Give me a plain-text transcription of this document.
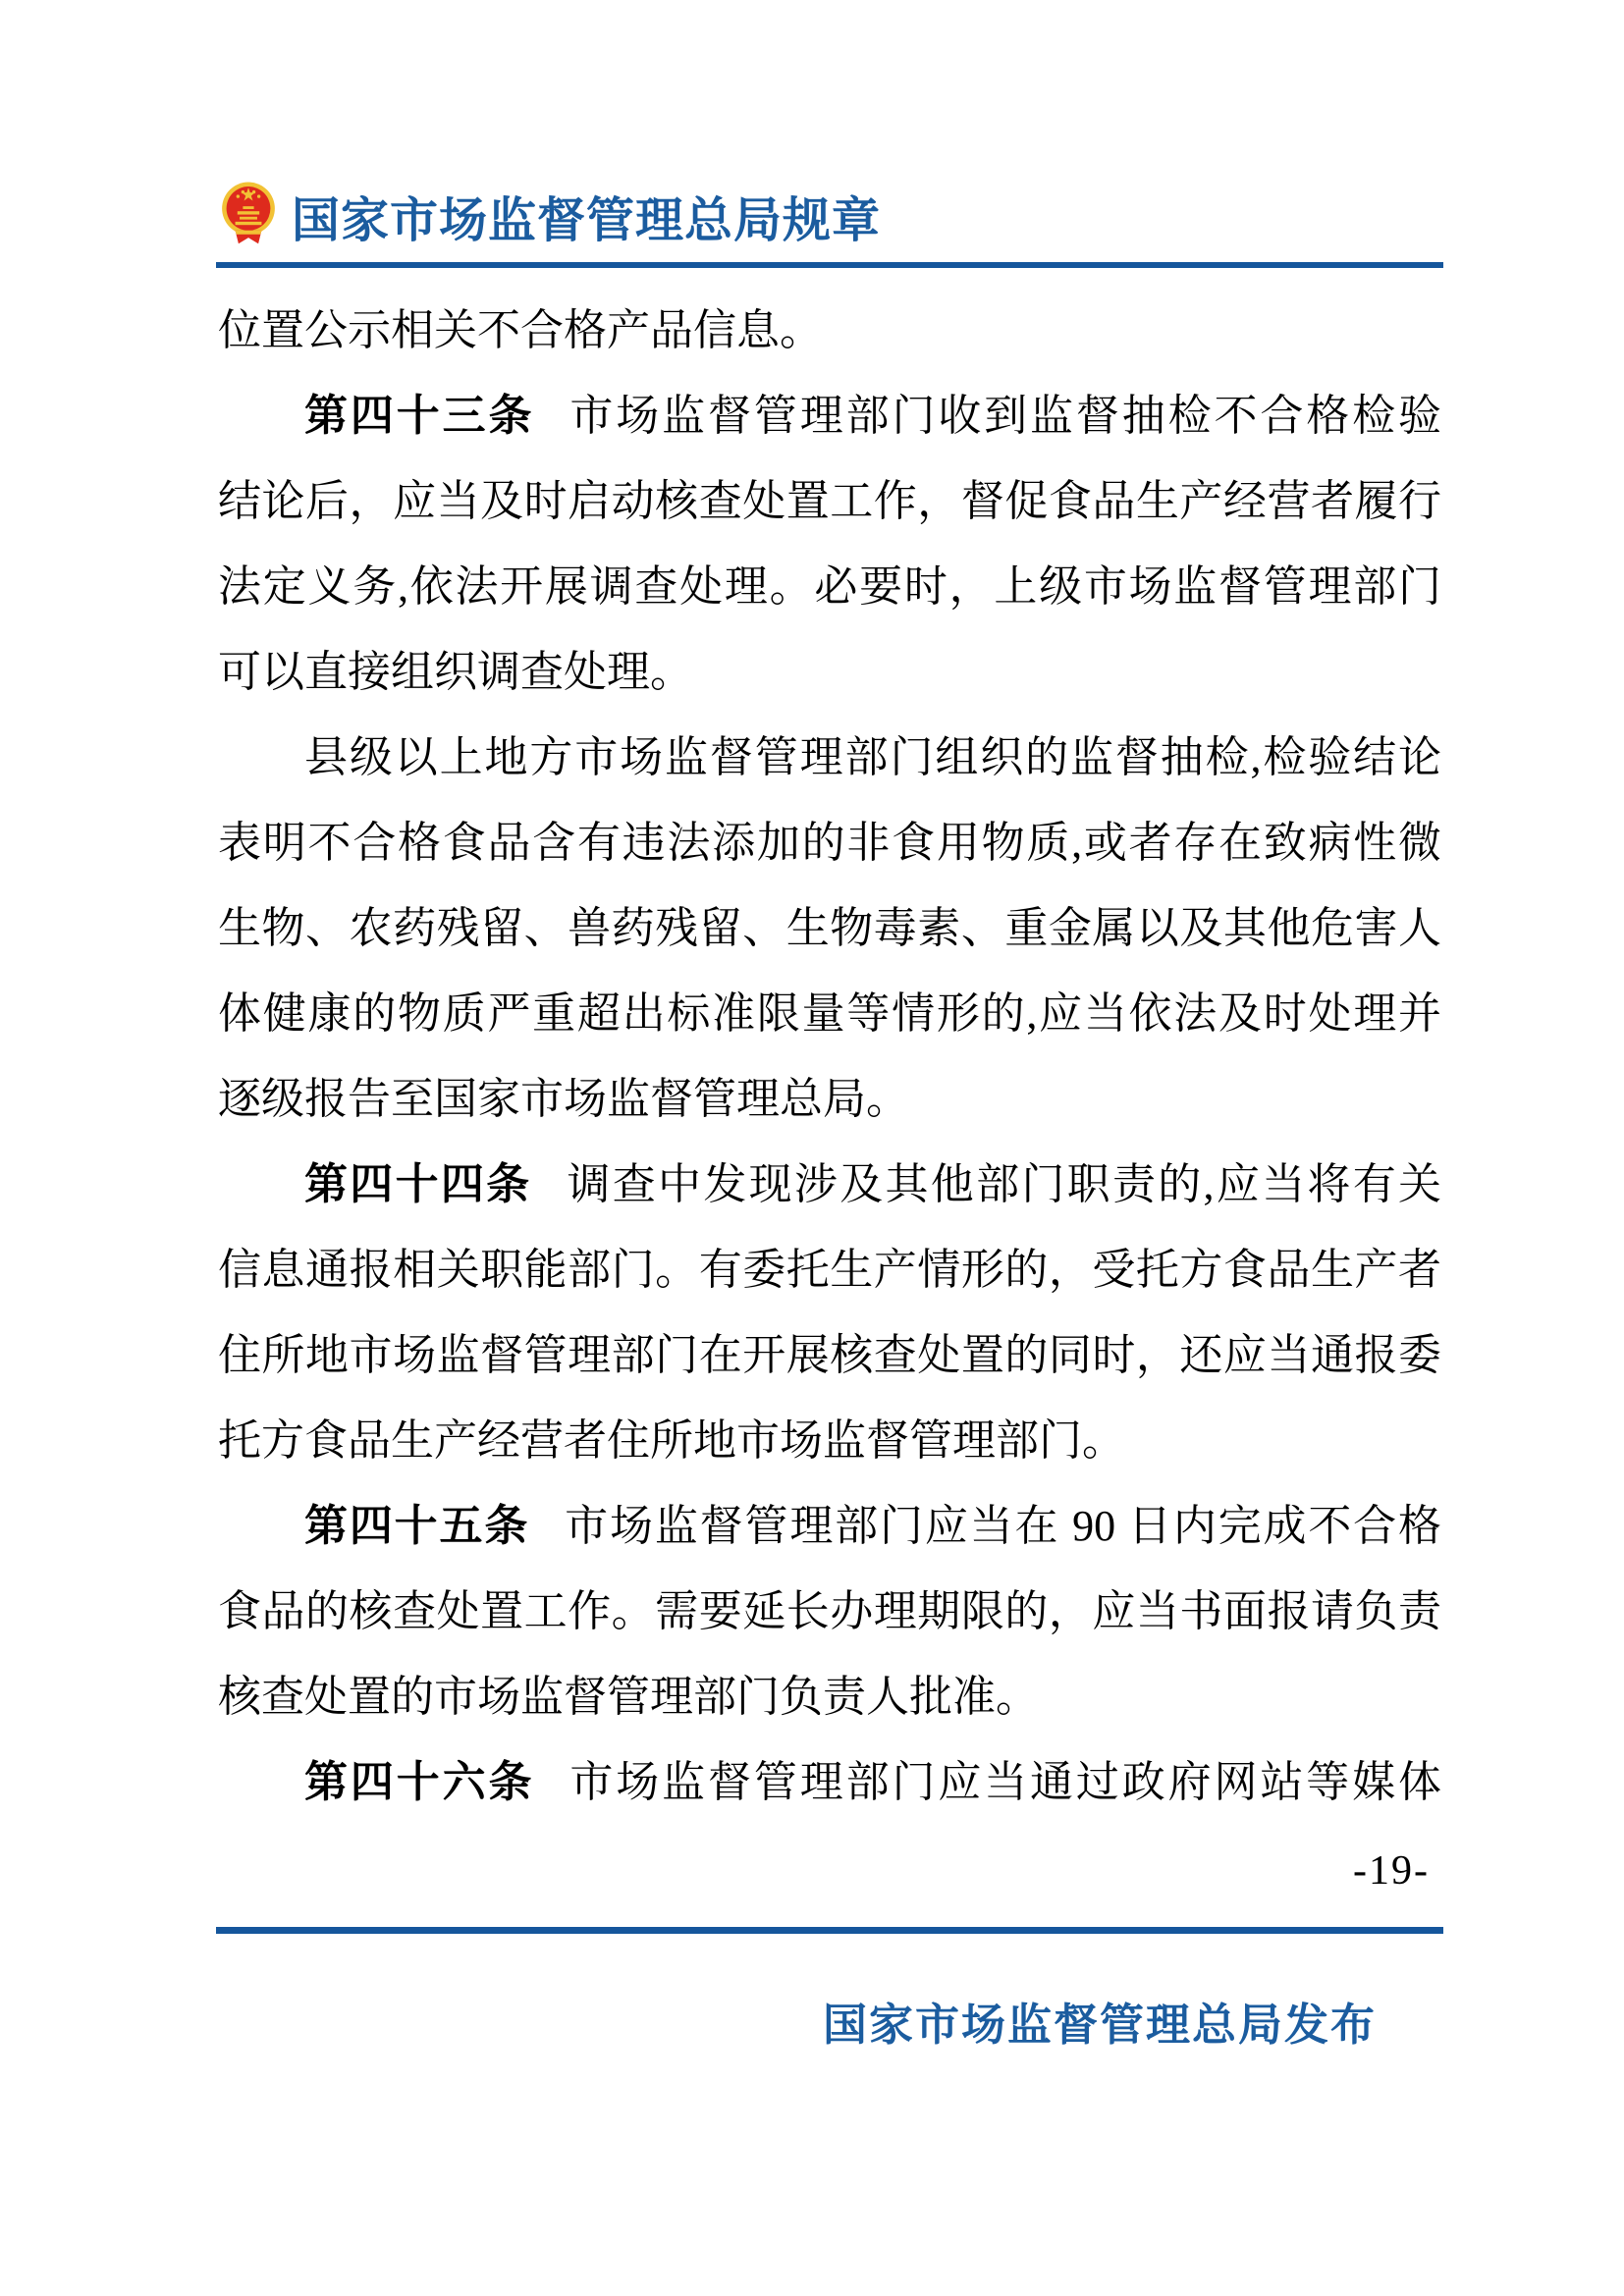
国家市场监督管理总局规章
位置公示相关不合格产品信息。
第四十三条 市场监督管理部门收到监督抽检不合格检验
结论后，应当及时启动核查处置工作，督促食品生产经营者履行
法定义务,依法开展调查处理。必要时，上级市场监督管理部门
可以直接组织调查处理。
县级以上地方市场监督管理部门组织的监督抽检,检验结论
表明不合格食品含有违法添加的非食用物质,或者存在致病性微
生物、农药残留、兽药残留、生物毒素、重金属以及其他危害人
体健康的物质严重超出标准限量等情形的,应当依法及时处理并
逐级报告至国家市场监督管理总局。
第四十四条 调查中发现涉及其他部门职责的,应当将有关
信息通报相关职能部门。有委托生产情形的，受托方食品生产者
住所地市场监督管理部门在开展核查处置的同时，还应当通报委
托方食品生产经营者住所地市场监督管理部门。
第四十五条 市场监督管理部门应当在 90 日内完成不合格
食品的核查处置工作。需要延长办理期限的，应当书面报请负责
核查处置的市场监督管理部门负责人批准。
第四十六条 市场监督管理部门应当通过政府网站等媒体
-19-
国家市场监督管理总局发布
